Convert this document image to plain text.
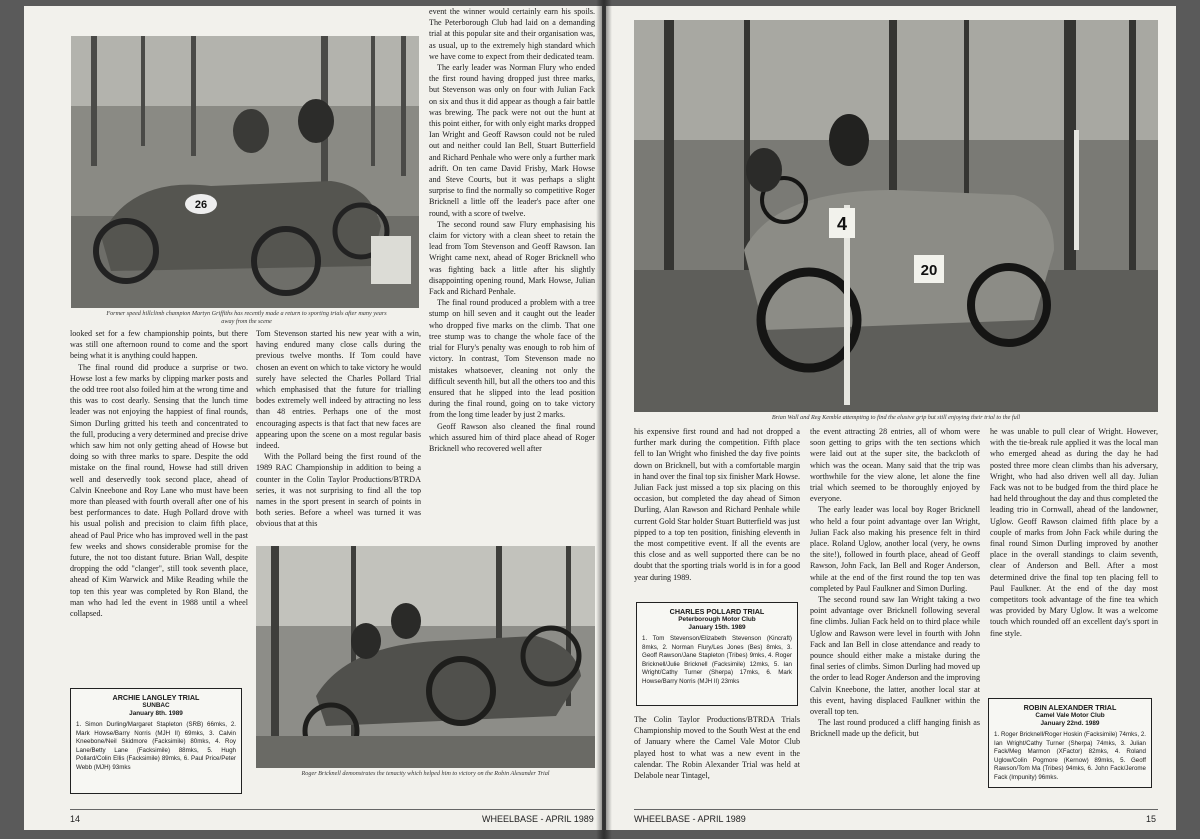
26

Former speed hillclimb champion Martyn Griffiths has recently made a return to sporting trials after many years away from the scene

event the winner would certainly earn his spoils. The Peterborough Club had laid on a demanding trial at this popular site and their organisation was, as usual, up to the extremely high standard which we have come to expect from their dedicated team.

The early leader was Norman Flury who ended the first round having dropped just three marks, but Stevenson was only on four with Julian Fack on six and thus it did appear as though a fair battle was brewing. The pack were not out the hunt at this point either, for with only eight marks dropped Ian Wright and Geoff Rawson could not be ruled out and neither could Ian Bell, Stuart Butterfield and Richard Penhale who were only a further mark adrift. On ten came David Frisby, Mark Howse and Steve Courts, but it was perhaps a slight surprise to find the normally so competitive Roger Bricknell a little off the leader's pace after one round, with a score of twelve.

The second round saw Flury emphasising his claim for victory with a clean sheet to retain the lead from Tom Stevenson and Geoff Rawson. Ian Wright came next, ahead of Roger Bricknell who was fighting back a little after his slightly disappointing opening round, Mark Howse, Julian Fack and Richard Penhale.

The final round produced a problem with a tree stump on hill seven and it caught out the leader who dropped five marks on the climb. That one tree stump was to change the whole face of the trial for Flury's penalty was enough to rob him of victory. In contrast, Tom Stevenson made no mistakes whatsoever, cleaning not only the difficult seventh hill, but all the others too and this ensured that he slipped into the lead position during the final round, going on to take victory from the long time leader by just 2 marks.

Geoff Rawson also cleaned the final round which assured him of third place ahead of Roger Bricknell who recovered well after

looked set for a few championship points, but there was still one afternoon round to come and the sport being what it is anything could happen.

The final round did produce a surprise or two. Howse lost a few marks by clipping marker posts and the odd tree root also foiled him at the wrong time and this was to cost dearly. Sensing that the lunch time leader was not enjoying the happiest of final rounds, Simon Durling gritted his teeth and concentrated to the full, producing a very determined and precise drive which saw him not only getting ahead of Howse but doing so with three marks to spare. Despite the odd mistake on the final round, Howse had still driven well and deservedly took second place, ahead of Calvin Kneebone and Roy Lane who must have been more than pleased with fourth overall after one of his best performances to date. Hugh Pollard drove with his usual polish and precision to claim fifth place, ahead of Paul Price who has improved well in the past few weeks and shows considerable promise for the future, the not too distant future. Brian Wall, despite dropping the odd "clanger", still took seventh place, ahead of Kim Warwick and Mike Reading while the top ten this year was completed by Ron Bland, the man who had led the event in 1988 until a wheel collapsed.

Tom Stevenson started his new year with a win, having endured many close calls during the previous twelve months. If Tom could have chosen an event on which to take victory he would surely have selected the Charles Pollard Trial which emphasised that the future for trialling bodes extremely well indeed by attracting no less than 48 entries. Perhaps one of the most encouraging aspects is that fact that new faces are appearing upon the scene on a most regular basis indeed.

With the Pollard being the first round of the 1989 RAC Championship in addition to being a counter in the Colin Taylor Productions/BTRDA series, it was not surprising to find all the top names in the sport present in search of points in both series. Before a wheel was turned it was obvious that at this

Roger Bricknell demonstrates the tenacity which helped him to victory on the Robin Alexander Trial

ARCHIE LANGLEY TRIAL
SUNBAC
January 8th. 1989
1. Simon Durling/Margaret Stapleton (SRB) 66mks, 2. Mark Howse/Barry Norris (MJH II) 69mks, 3. Calvin Kneebone/Neil Skidmore (Facksimile) 80mks, 4. Roy Lane/Betty Lane (Facksimile) 88mks, 5. Hugh Pollard/Colin Ellis (Facksimile) 89mks, 6. Paul Price/Peter Webb (MJH) 93mks
14	WHEELBASE - APRIL 1989
4
20

Brian Wall and Reg Kemble attempting to find the elusive grip but still enjoying their trial to the full

his expensive first round and had not dropped a further mark during the competition. Fifth place fell to Ian Wright who finished the day five points down on Bricknell, but with a comfortable margin in hand over the final top six finisher Mark Howse. Julian Fack just missed a top six placing on this occasion, but completed the day ahead of Simon Durling, Alan Rawson and Richard Penhale while current Gold Star holder Stuart Butterfield was just pipped to a top ten position, finishing eleventh in the most competitive event. If all the events are this close and as well supported there can be no doubt that the sporting trials world is in for a good year during 1989.

CHARLES POLLARD TRIAL
Peterborough Motor Club
January 15th. 1989
1. Tom Stevenson/Elizabeth Stevenson (Kincraft) 8mks, 2. Norman Flury/Les Jones (Bes) 8mks, 3. Geoff Rawson/Jane Stapleton (Tribes) 9mks, 4. Roger Bricknell/Julie Bricknell (Facksimile) 12mks, 5. Ian Wright/Cathy Turner (Sherpa) 17mks, 6. Mark Howse/Barry Norris (MJH II) 23mks

The Colin Taylor Productions/BTRDA Trials Championship moved to the South West at the end of January where the Camel Vale Motor Club played host to what was a new event in the calendar. The Robin Alexander Trial was held at Delabole near Tintagel,

the event attracting 28 entries, all of whom were soon getting to grips with the ten sections which were laid out at the super site, the backcloth of which was the ocean. Many said that the trip was worthwhile for the view alone, let alone the fine trial which seemed to be thoroughly enjoyed by everyone.

The early leader was local boy Roger Bricknell who held a four point advantage over Ian Wright, Julian Fack also making his presence felt in third place. Roland Uglow, another local (very, he owns the site!), followed in fourth place, ahead of Geoff Rawson, John Fack, Ian Bell and Roger Anderson, while at the end of the first round the top ten was completed by Paul Faulkner and Simon Durling.

The second round saw Ian Wright taking a two point advantage over Bricknell following several fine climbs. Julian Fack held on to third place while Uglow and Rawson were level in fourth with John Fack and Ian Bell in close attendance and ready to pounce should either make a mistake during the final series of climbs. Simon Durling had moved up the order to lead Roger Anderson and the improving Calvin Kneebone, the latter, another local star at this event, having displaced Faulkner within the overall top ten.

The last round produced a cliff hanging finish as Bricknell made up the deficit, but

he was unable to pull clear of Wright. However, with the tie-break rule applied it was the local man who emerged ahead as during the day he had posted three more clean climbs than his adversary, Wright, who had also driven well all day. Julian Fack was not to be budged from the third place he had held throughout the day and thus completed the leading trio in Cornwall, ahead of the landowner, Uglow. Geoff Rawson claimed fifth place by a couple of marks from John Fack while during the final round Simon Durling improved by another place in the overall standings to claim seventh, clear of Anderson and Bell. After a most determined drive the final top ten placing fell to Paul Faulkner. At the end of the day most competitors took advantage of the fine tea which was provided by Mary Uglow. It was a welcome touch which rounded off an excellent day's sport in fine style.

ROBIN ALEXANDER TRIAL
Camel Vale Motor Club
January 22nd. 1989
1. Roger Bricknell/Roger Hoskin (Facksimile) 74mks, 2. Ian Wright/Cathy Turner (Sherpa) 74mks, 3. Julian Fack/Meg Marmon (XFactor) 82mks, 4. Roland Uglow/Colin Pogmore (Kernow) 89mks, 5. Geoff Rawson/Tom Ma (Tribes) 94mks, 6. John Fack/Jerome Fack (Impunity) 96mks.
WHEELBASE - APRIL 1989	15
